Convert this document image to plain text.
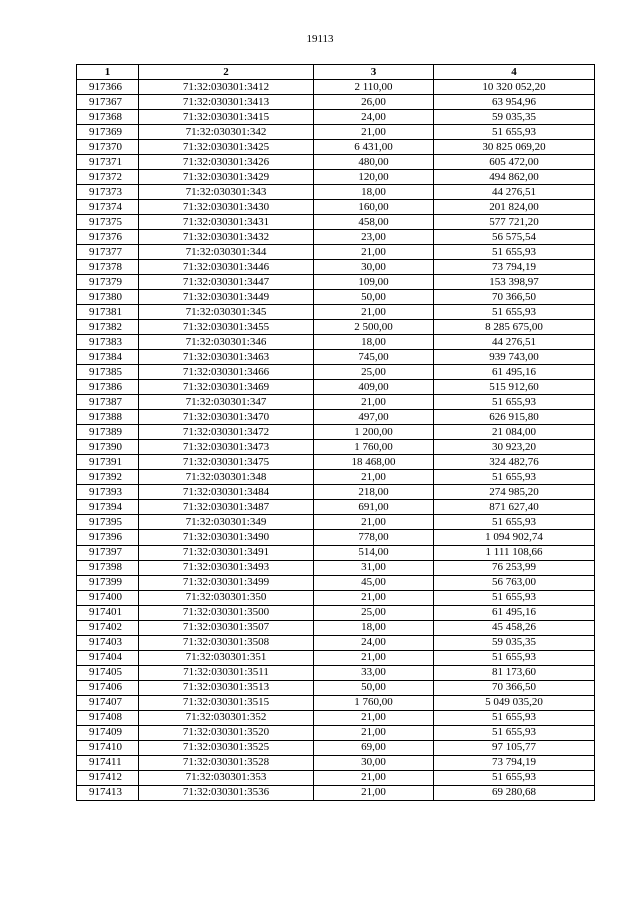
19113
1	2	3	4
917366	71:32:030301:3412	2 110,00	10 320 052,20
917367	71:32:030301:3413	26,00	63 954,96
917368	71:32:030301:3415	24,00	59 035,35
917369	71:32:030301:342	21,00	51 655,93
917370	71:32:030301:3425	6 431,00	30 825 069,20
917371	71:32:030301:3426	480,00	605 472,00
917372	71:32:030301:3429	120,00	494 862,00
917373	71:32:030301:343	18,00	44 276,51
917374	71:32:030301:3430	160,00	201 824,00
917375	71:32:030301:3431	458,00	577 721,20
917376	71:32:030301:3432	23,00	56 575,54
917377	71:32:030301:344	21,00	51 655,93
917378	71:32:030301:3446	30,00	73 794,19
917379	71:32:030301:3447	109,00	153 398,97
917380	71:32:030301:3449	50,00	70 366,50
917381	71:32:030301:345	21,00	51 655,93
917382	71:32:030301:3455	2 500,00	8 285 675,00
917383	71:32:030301:346	18,00	44 276,51
917384	71:32:030301:3463	745,00	939 743,00
917385	71:32:030301:3466	25,00	61 495,16
917386	71:32:030301:3469	409,00	515 912,60
917387	71:32:030301:347	21,00	51 655,93
917388	71:32:030301:3470	497,00	626 915,80
917389	71:32:030301:3472	1 200,00	21 084,00
917390	71:32:030301:3473	1 760,00	30 923,20
917391	71:32:030301:3475	18 468,00	324 482,76
917392	71:32:030301:348	21,00	51 655,93
917393	71:32:030301:3484	218,00	274 985,20
917394	71:32:030301:3487	691,00	871 627,40
917395	71:32:030301:349	21,00	51 655,93
917396	71:32:030301:3490	778,00	1 094 902,74
917397	71:32:030301:3491	514,00	1 111 108,66
917398	71:32:030301:3493	31,00	76 253,99
917399	71:32:030301:3499	45,00	56 763,00
917400	71:32:030301:350	21,00	51 655,93
917401	71:32:030301:3500	25,00	61 495,16
917402	71:32:030301:3507	18,00	45 458,26
917403	71:32:030301:3508	24,00	59 035,35
917404	71:32:030301:351	21,00	51 655,93
917405	71:32:030301:3511	33,00	81 173,60
917406	71:32:030301:3513	50,00	70 366,50
917407	71:32:030301:3515	1 760,00	5 049 035,20
917408	71:32:030301:352	21,00	51 655,93
917409	71:32:030301:3520	21,00	51 655,93
917410	71:32:030301:3525	69,00	97 105,77
917411	71:32:030301:3528	30,00	73 794,19
917412	71:32:030301:353	21,00	51 655,93
917413	71:32:030301:3536	21,00	69 280,68
